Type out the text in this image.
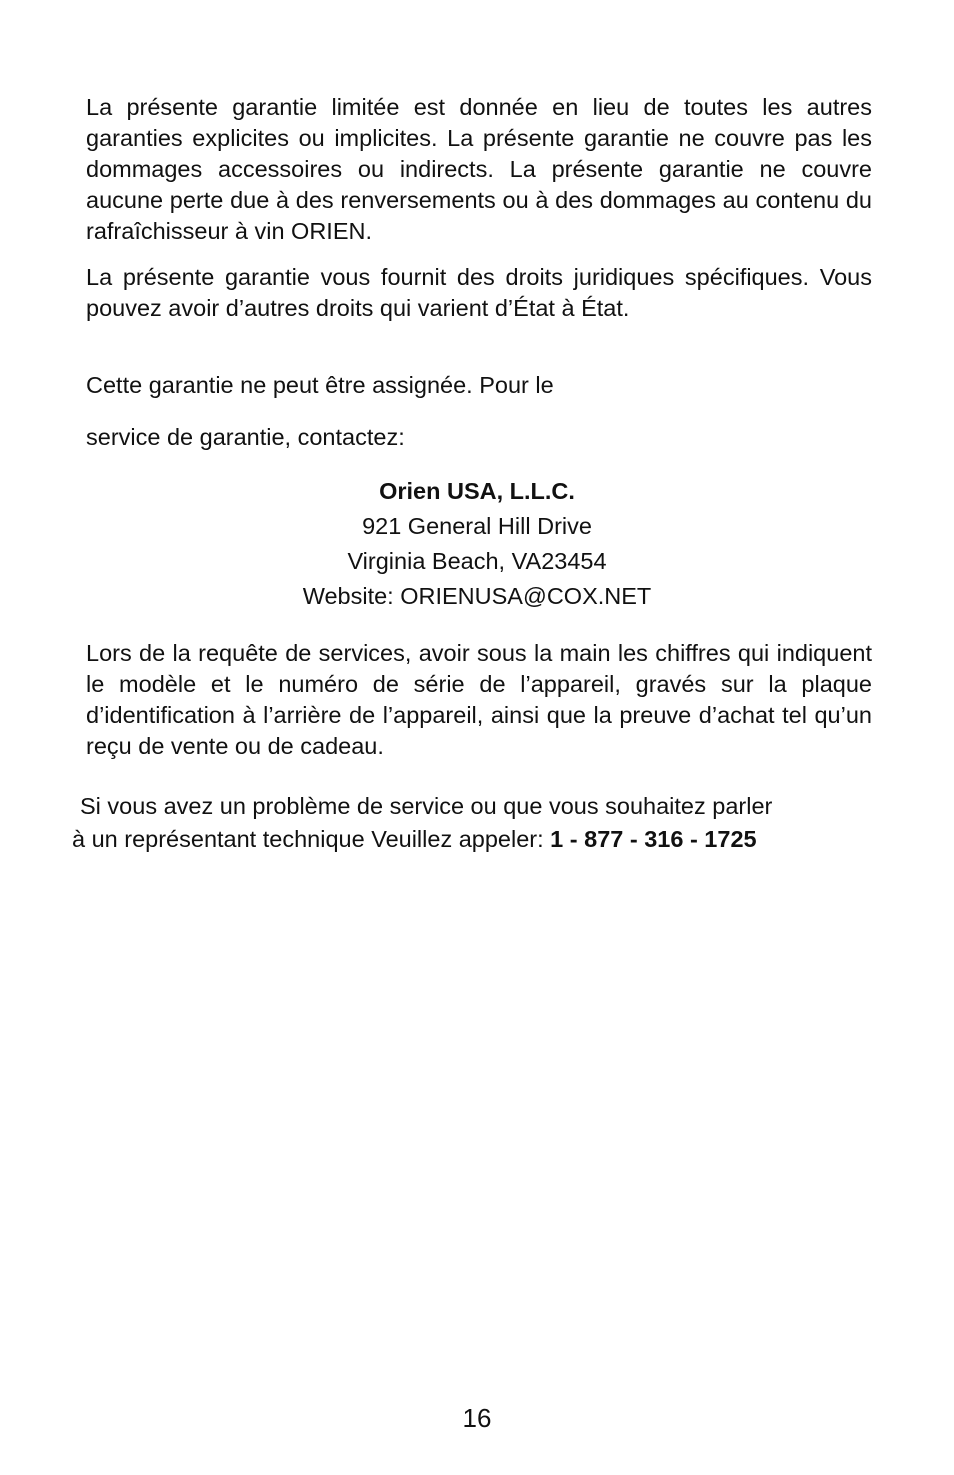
La présente garantie limitée est donnée en lieu de toutes les autres garanties explicites ou implicites. La présente garantie ne couvre pas les dommages accessoires ou indirects. La présente garantie ne couvre aucune perte due à des renversements ou à des dommages au contenu du rafraîchisseur à vin ORIEN.

La présente garantie vous fournit des droits juridiques spécifiques. Vous pouvez avoir d’autres droits qui varient d’État à État.

Cette garantie ne peut être assignée. Pour le

service de garantie, contactez:

Orien USA, L.L.C.
921 General Hill Drive
Virginia Beach, VA23454
Website: ORIENUSA@COX.NET

Lors de la requête de services, avoir sous la main les chiffres qui indiquent le modèle et le numéro de série de l’appareil, gravés sur la plaque d’identification à l’arrière de l’appareil, ainsi que la preuve d’achat tel qu’un reçu de vente ou de cadeau.

Si vous avez un problème de service ou que vous souhaitez parler
à un représentant technique Veuillez appeler: 1 - 877 - 316 - 1725
16
